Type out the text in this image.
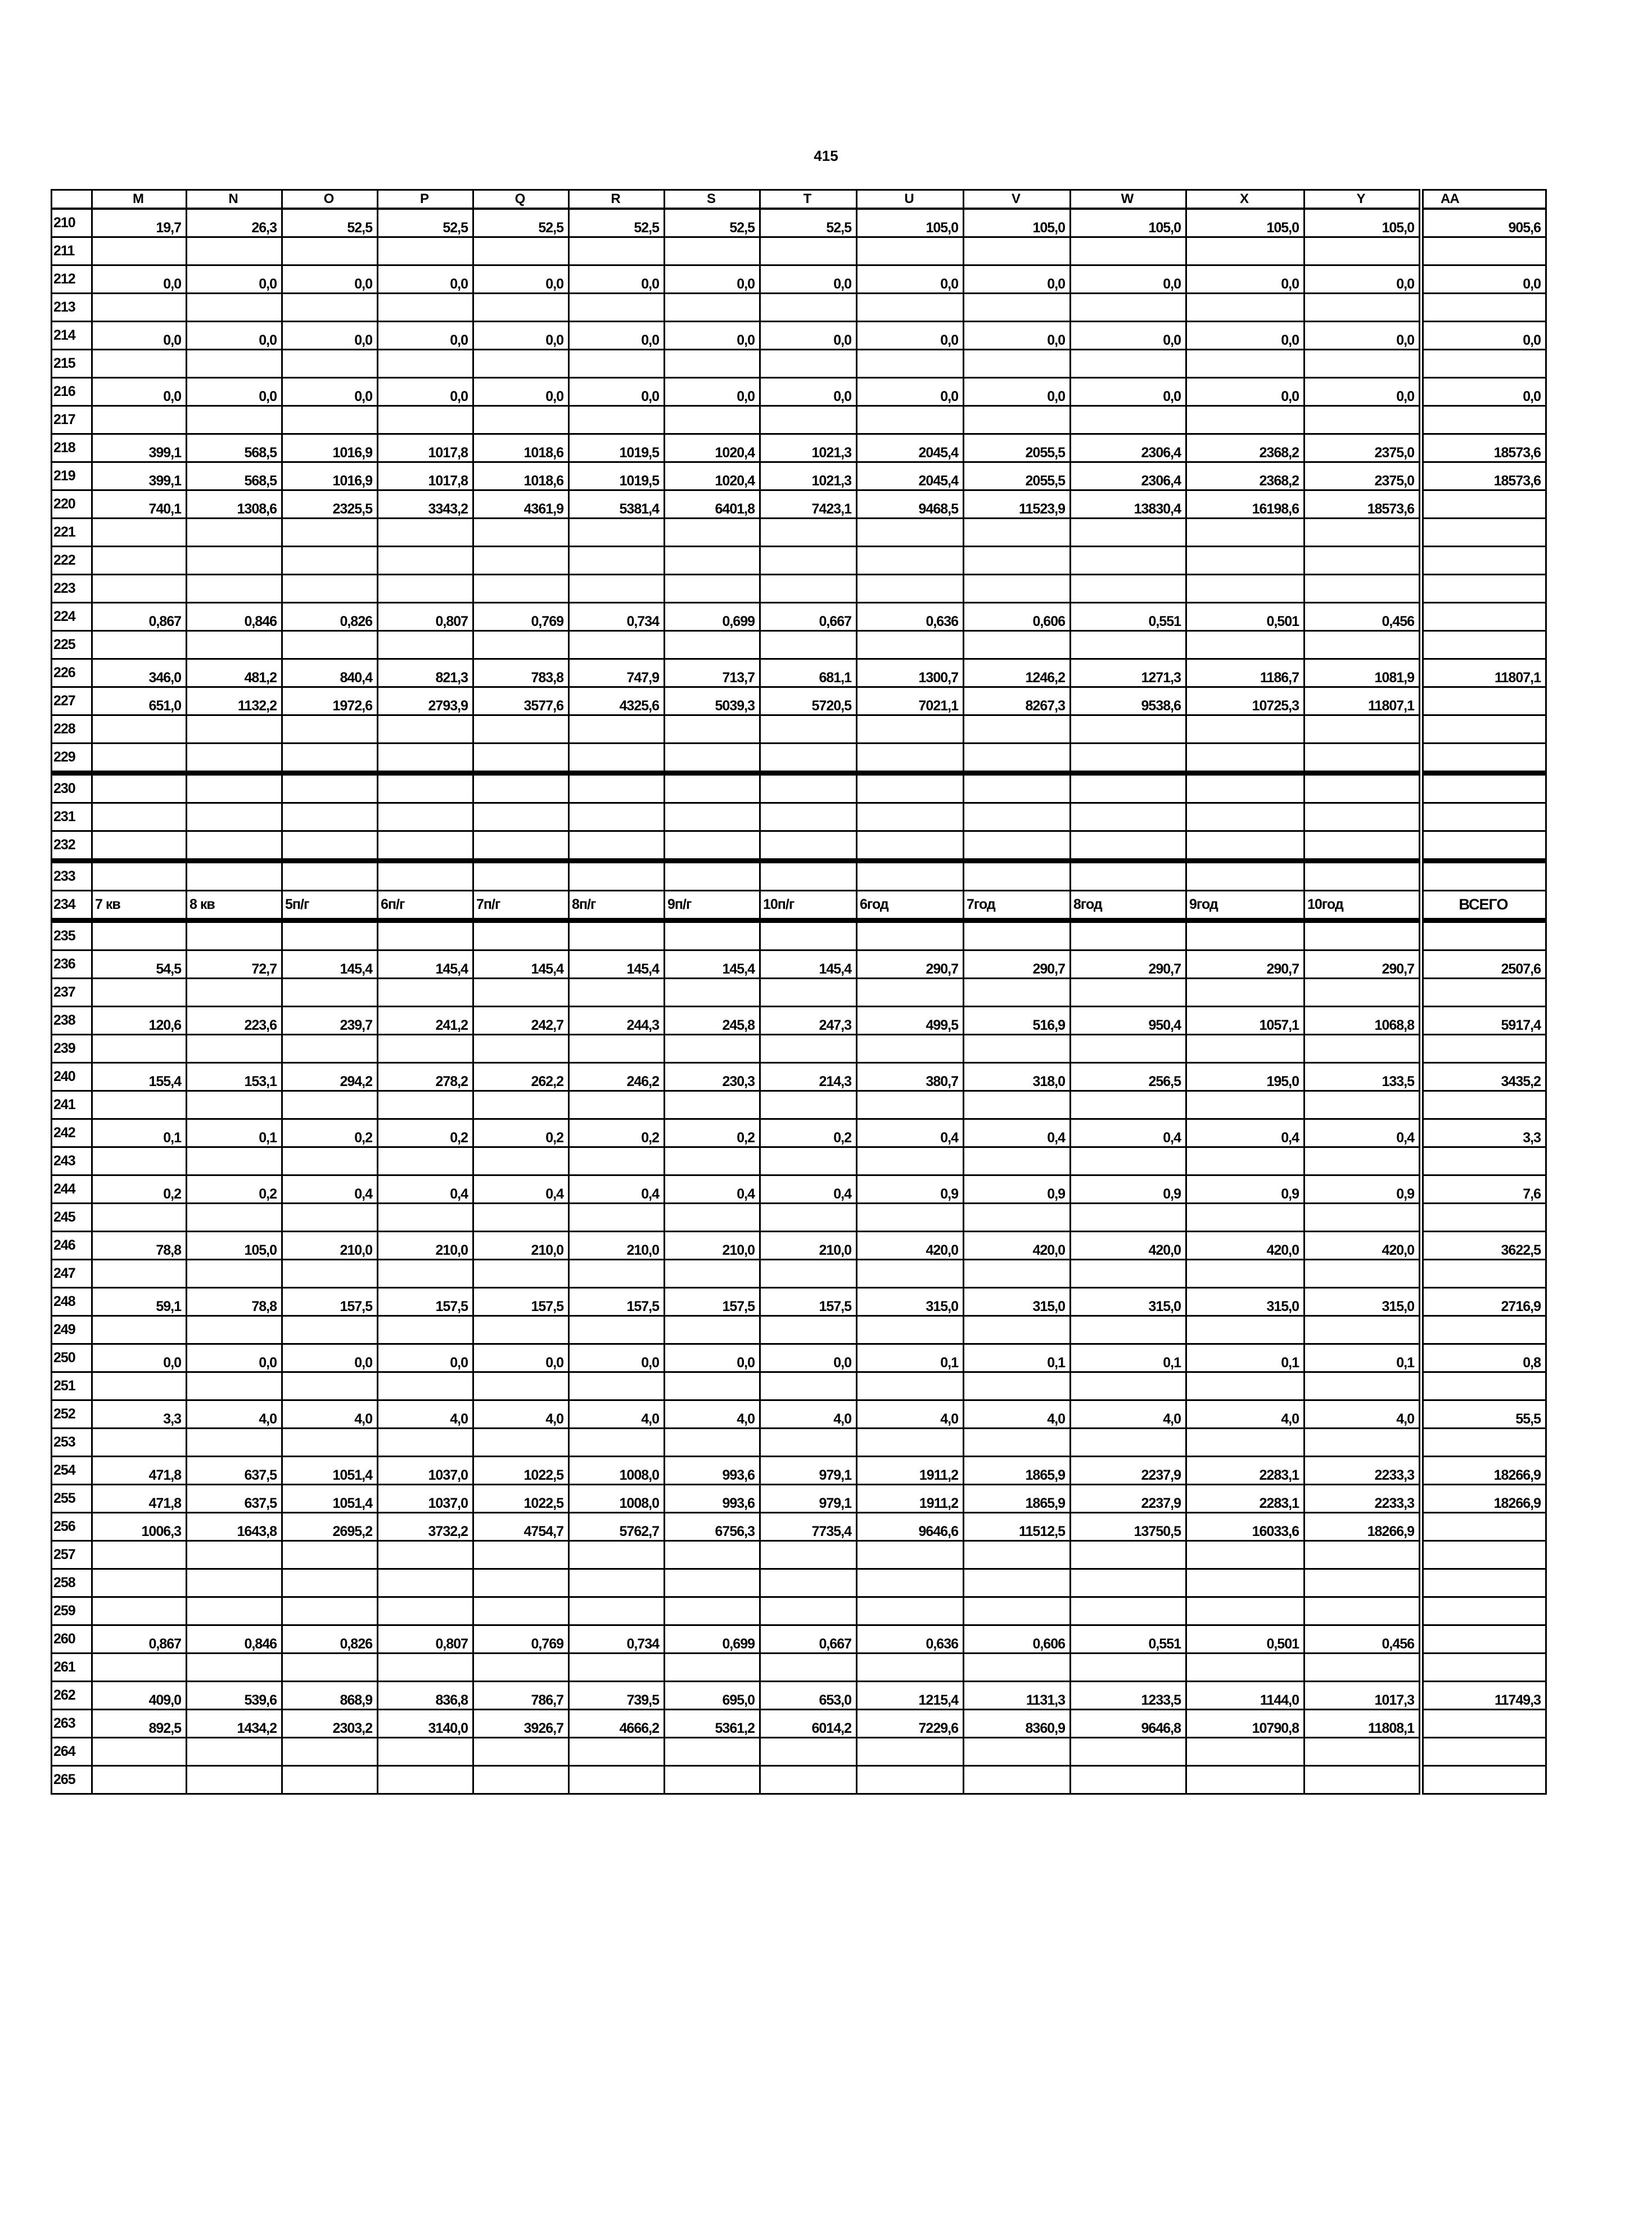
415
	M	N	O	P	Q	R	S	T	U	V	W	X	Y	AA
210	19,7	26,3	52,5	52,5	52,5	52,5	52,5	52,5	105,0	105,0	105,0	105,0	105,0	905,6
211														
212	0,0	0,0	0,0	0,0	0,0	0,0	0,0	0,0	0,0	0,0	0,0	0,0	0,0	0,0
213														
214	0,0	0,0	0,0	0,0	0,0	0,0	0,0	0,0	0,0	0,0	0,0	0,0	0,0	0,0
215														
216	0,0	0,0	0,0	0,0	0,0	0,0	0,0	0,0	0,0	0,0	0,0	0,0	0,0	0,0
217														
218	399,1	568,5	1016,9	1017,8	1018,6	1019,5	1020,4	1021,3	2045,4	2055,5	2306,4	2368,2	2375,0	18573,6
219	399,1	568,5	1016,9	1017,8	1018,6	1019,5	1020,4	1021,3	2045,4	2055,5	2306,4	2368,2	2375,0	18573,6
220	740,1	1308,6	2325,5	3343,2	4361,9	5381,4	6401,8	7423,1	9468,5	11523,9	13830,4	16198,6	18573,6	
221														
222														
223														
224	0,867	0,846	0,826	0,807	0,769	0,734	0,699	0,667	0,636	0,606	0,551	0,501	0,456	
225														
226	346,0	481,2	840,4	821,3	783,8	747,9	713,7	681,1	1300,7	1246,2	1271,3	1186,7	1081,9	11807,1
227	651,0	1132,2	1972,6	2793,9	3577,6	4325,6	5039,3	5720,5	7021,1	8267,3	9538,6	10725,3	11807,1	
228														
229														
230														
231														
232														
233														
234	7 кв	8 кв	5п/г	6п/г	7п/г	8п/г	9п/г	10п/г	6год	7год	8год	9год	10год	ВСЕГО
235														
236	54,5	72,7	145,4	145,4	145,4	145,4	145,4	145,4	290,7	290,7	290,7	290,7	290,7	2507,6
237														
238	120,6	223,6	239,7	241,2	242,7	244,3	245,8	247,3	499,5	516,9	950,4	1057,1	1068,8	5917,4
239														
240	155,4	153,1	294,2	278,2	262,2	246,2	230,3	214,3	380,7	318,0	256,5	195,0	133,5	3435,2
241														
242	0,1	0,1	0,2	0,2	0,2	0,2	0,2	0,2	0,4	0,4	0,4	0,4	0,4	3,3
243														
244	0,2	0,2	0,4	0,4	0,4	0,4	0,4	0,4	0,9	0,9	0,9	0,9	0,9	7,6
245														
246	78,8	105,0	210,0	210,0	210,0	210,0	210,0	210,0	420,0	420,0	420,0	420,0	420,0	3622,5
247														
248	59,1	78,8	157,5	157,5	157,5	157,5	157,5	157,5	315,0	315,0	315,0	315,0	315,0	2716,9
249														
250	0,0	0,0	0,0	0,0	0,0	0,0	0,0	0,0	0,1	0,1	0,1	0,1	0,1	0,8
251														
252	3,3	4,0	4,0	4,0	4,0	4,0	4,0	4,0	4,0	4,0	4,0	4,0	4,0	55,5
253														
254	471,8	637,5	1051,4	1037,0	1022,5	1008,0	993,6	979,1	1911,2	1865,9	2237,9	2283,1	2233,3	18266,9
255	471,8	637,5	1051,4	1037,0	1022,5	1008,0	993,6	979,1	1911,2	1865,9	2237,9	2283,1	2233,3	18266,9
256	1006,3	1643,8	2695,2	3732,2	4754,7	5762,7	6756,3	7735,4	9646,6	11512,5	13750,5	16033,6	18266,9	
257														
258														
259														
260	0,867	0,846	0,826	0,807	0,769	0,734	0,699	0,667	0,636	0,606	0,551	0,501	0,456	
261														
262	409,0	539,6	868,9	836,8	786,7	739,5	695,0	653,0	1215,4	1131,3	1233,5	1144,0	1017,3	11749,3
263	892,5	1434,2	2303,2	3140,0	3926,7	4666,2	5361,2	6014,2	7229,6	8360,9	9646,8	10790,8	11808,1	
264														
265														
